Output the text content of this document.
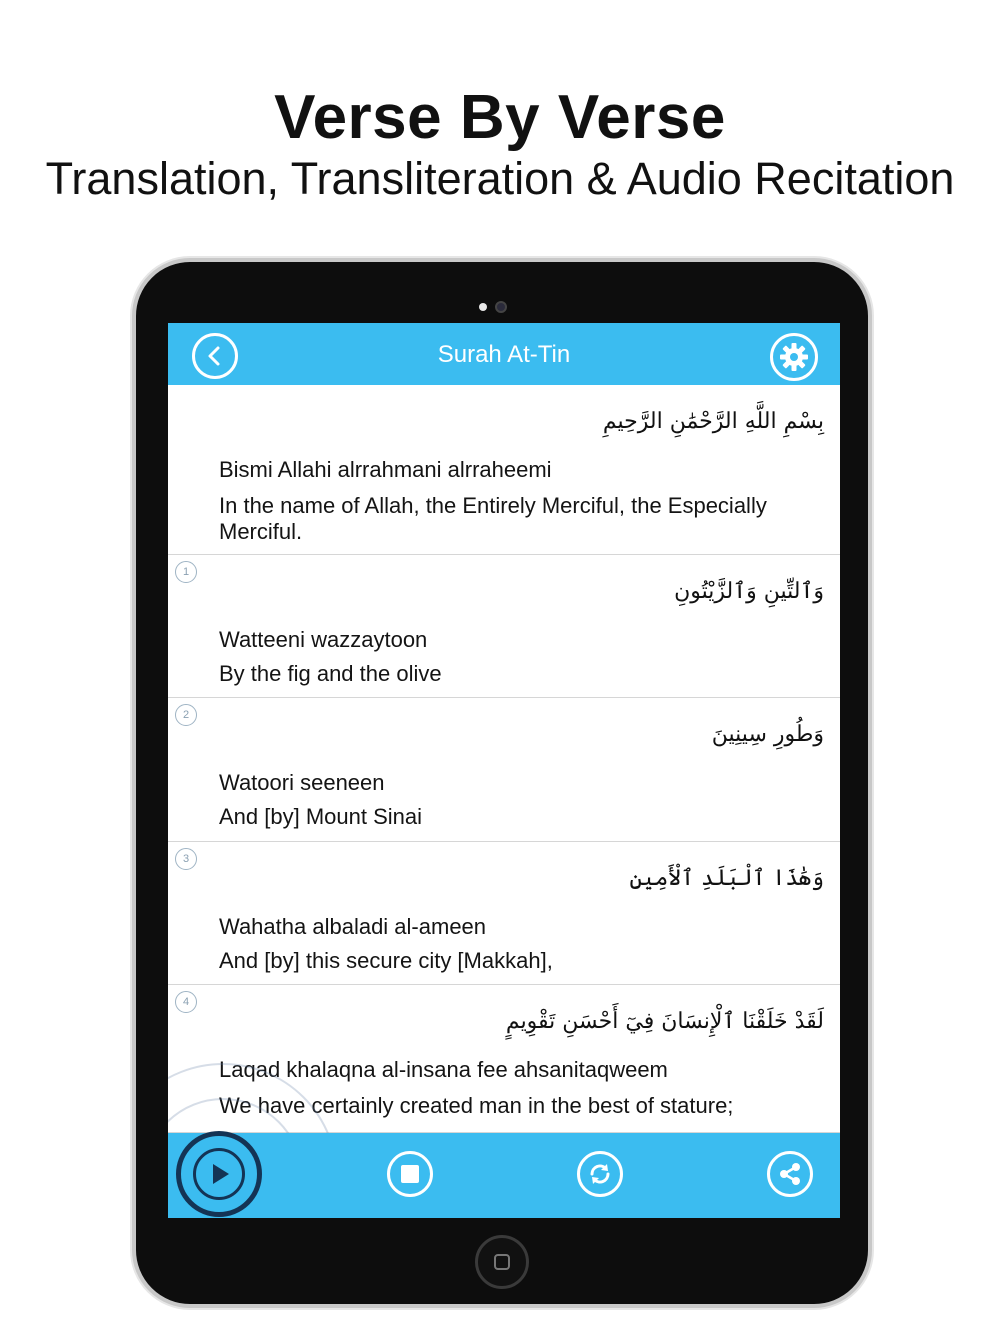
Verse By Verse
Translation, Transliteration & Audio Recitation
Surah At-Tin
بِسْمِ اللَّهِ الرَّحْمَٰنِ الرَّحِيمِ
Bismi Allahi alrrahmani alrraheemi
In the name of Allah, the Entirely Merciful, the Especially Merciful.
1
وَٱلتِّينِ وَٱلزَّيْتُونِ
Watteeni wazzaytoon
By the fig and the olive
2
وَطُورِ سِينِينَ
Watoori seeneen
And [by] Mount Sinai
3
وَهَٰذَا ٱلْبَلَدِ ٱلْأَمِينِ
Wahatha albaladi al-ameen
And [by] this secure city [Makkah],
4
لَقَدْ خَلَقْنَا ٱلْإِنسَانَ فِيٓ أَحْسَنِ تَقْوِيمٍ
Laqad khalaqna al-insana fee ahsanitaqweem
We have certainly created man in the best of stature;
